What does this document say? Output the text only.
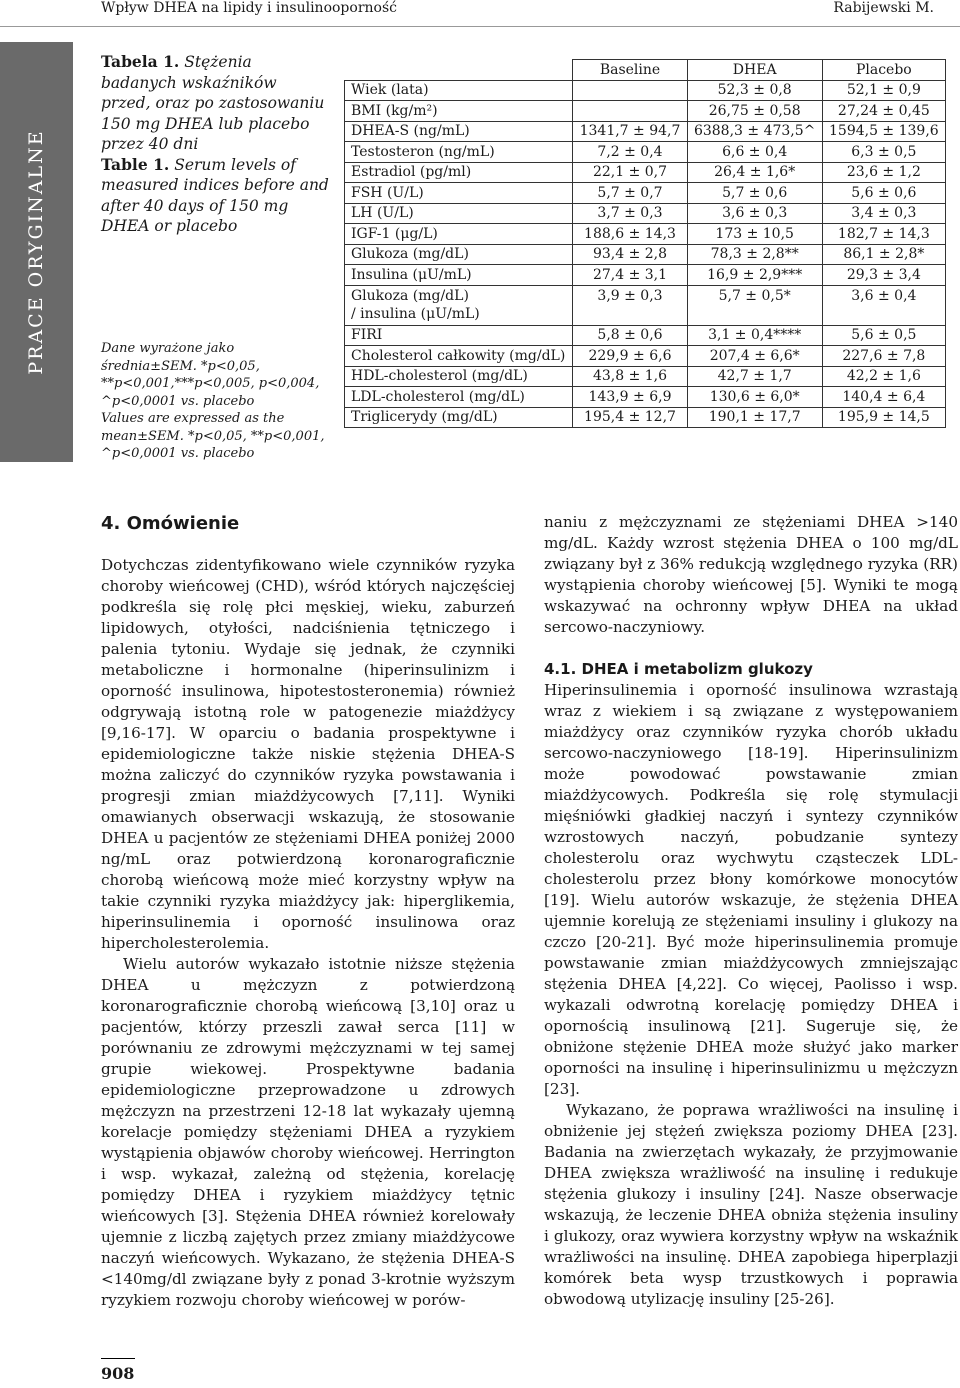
Wpływ DHEA na lipidy i insulinooporność	Rabijewski M.
PRACE ORYGINALNE
Tabela 1. Stężenia badanych wskaźników przed, oraz po zastosowaniu 150 mg DHEA lub placebo przez 40 dni
Table 1. Serum levels of measured indices before and after 40 days of 150 mg DHEA or placebo
Dane wyrażone jako średnia±SEM. *p<0,05, **p<0,001,***p<0,005, p<0,004, ^p<0,0001 vs. placebo
Values are expressed as the mean±SEM. *p<0,05, **p<0,001, ^p<0,0001 vs. placebo
	Baseline	DHEA	Placebo
Wiek (lata)		52,3 ± 0,8	52,1 ± 0,9
BMI (kg/m²)		26,75 ± 0,58	27,24 ± 0,45
DHEA-S (ng/mL)	1341,7 ± 94,7	6388,3 ± 473,5^	1594,5 ± 139,6
Testosteron (ng/mL)	7,2 ± 0,4	6,6 ± 0,4	6,3 ± 0,5
Estradiol (pg/ml)	22,1 ± 0,7	26,4 ± 1,6*	23,6 ± 1,2
FSH (U/L)	5,7 ± 0,7	5,7 ± 0,6	5,6 ± 0,6
LH (U/L)	3,7 ± 0,3	3,6 ± 0,3	3,4 ± 0,3
IGF-1 (μg/L)	188,6 ± 14,3	173 ± 10,5	182,7 ± 14,3
Glukoza (mg/dL)	93,4 ± 2,8	78,3 ± 2,8**	86,1 ± 2,8*
Insulina (μU/mL)	27,4 ± 3,1	16,9 ± 2,9***	29,3 ± 3,4
Glukoza (mg/dL)
/ insulina (μU/mL)	3,9 ± 0,3	5,7 ± 0,5*	3,6 ± 0,4
FIRI	5,8 ± 0,6	3,1 ± 0,4****	5,6 ± 0,5
Cholesterol całkowity (mg/dL)	229,9 ± 6,6	207,4 ± 6,6*	227,6 ± 7,8
HDL-cholesterol (mg/dL)	43,8 ± 1,6	42,7 ± 1,7	42,2 ± 1,6
LDL-cholesterol (mg/dL)	143,9 ± 6,9	130,6 ± 6,0*	140,4 ± 6,4
Triglicerydy (mg/dL)	195,4 ± 12,7	190,1 ± 17,7	195,9 ± 14,5
4. Omówienie

Dotychczas zidentyfikowano wiele czynników ryzyka choroby wieńcowej (CHD), wśród których najczęściej podkreśla się rolę płci męskiej, wieku, zaburzeń lipidowych, otyłości, nadciśnienia tętniczego i palenia tytoniu. Wydaje się jednak, że czynniki metaboliczne i hormonalne (hiperinsulinizm i oporność insulinowa, hipotestosteronemia) również odgrywają istotną role w patogenezie miażdżycy [9,16-17]. W oparciu o badania prospektywne i epidemiologiczne także niskie stężenia DHEA-S można zaliczyć do czynników ryzyka powstawania i progresji zmian miażdżycowych [7,11]. Wyniki omawianych obserwacji wskazują, że stosowanie DHEA u pacjentów ze stężeniami DHEA poniżej 2000 ng/mL oraz potwierdzoną koronarograficznie chorobą wieńcową może mieć korzystny wpływ na takie czynniki ryzyka miażdżycy jak: hiperglikemia, hiperinsulinemia i oporność insulinowa oraz hipercholesterolemia.

Wielu autorów wykazało istotnie niższe stężenia DHEA u mężczyzn z potwierdzoną koronarograficznie chorobą wieńcową [3,10] oraz u pacjentów, którzy przeszli zawał serca [11] w porównaniu ze zdrowymi mężczyznami w tej samej grupie wiekowej. Prospektywne badania epidemiologiczne przeprowadzone u zdrowych mężczyzn na przestrzeni 12-18 lat wykazały ujemną korelacje pomiędzy stężeniami DHEA a ryzykiem wystąpienia objawów choroby wieńcowej. Herrington i wsp. wykazał, zależną od stężenia, korelację pomiędzy DHEA i ryzykiem miażdżycy tętnic wieńcowych [3]. Stężenia DHEA również korelowały ujemnie z liczbą zajętych przez zmiany miażdżycowe naczyń wieńcowych. Wykazano, że stężenia DHEA-S <140mg/dl związane były z ponad 3-krotnie wyższym ryzykiem rozwoju choroby wieńcowej w porów-

naniu z mężczyznami ze stężeniami DHEA >140 mg/dL. Każdy wzrost stężenia DHEA o 100 mg/dL związany był z 36% redukcją względnego ryzyka (RR) wystąpienia choroby wieńcowej [5]. Wyniki te mogą wskazywać na ochronny wpływ DHEA na układ sercowo-naczyniowy.

4.1. DHEA i metabolizm glukozy

Hiperinsulinemia i oporność insulinowa wzrastają wraz z wiekiem i są związane z występowaniem miażdżycy oraz czynników ryzyka chorób układu sercowo-naczyniowego [18-19]. Hiperinsulinizm może powodować powstawanie zmian miażdżycowych. Podkreśla się rolę stymulacji mięśniówki gładkiej naczyń i syntezy czynników wzrostowych naczyń, pobudzanie syntezy cholesterolu oraz wychwytu cząsteczek LDL-cholesterolu przez błony komórkowe monocytów [19]. Wielu autorów wskazuje, że stężenia DHEA ujemnie korelują ze stężeniami insuliny i glukozy na czczo [20-21]. Być może hiperinsulinemia promuje powstawanie zmian miażdżycowych zmniejszając stężenia DHEA [4,22]. Co więcej, Paolisso i wsp. wykazali odwrotną korelację pomiędzy DHEA i opornością insulinową [21]. Sugeruje się, że obniżone stężenie DHEA może służyć jako marker oporności na insulinę i hiperinsulinizmu u mężczyzn [23].

Wykazano, że poprawa wrażliwości na insulinę i obniżenie jej stężeń zwiększa poziomy DHEA [23]. Badania na zwierzętach wykazały, że przyjmowanie DHEA zwiększa wrażliwość na insulinę i redukuje stężenia glukozy i insuliny [24]. Nasze obserwacje wskazują, że leczenie DHEA obniża stężenia insuliny i glukozy, oraz wywiera korzystny wpływ na wskaźnik wrażliwości na insulinę. DHEA zapobiega hiperplazji komórek beta wysp trzustkowych i poprawia obwodową utylizację insuliny [25-26].

908
